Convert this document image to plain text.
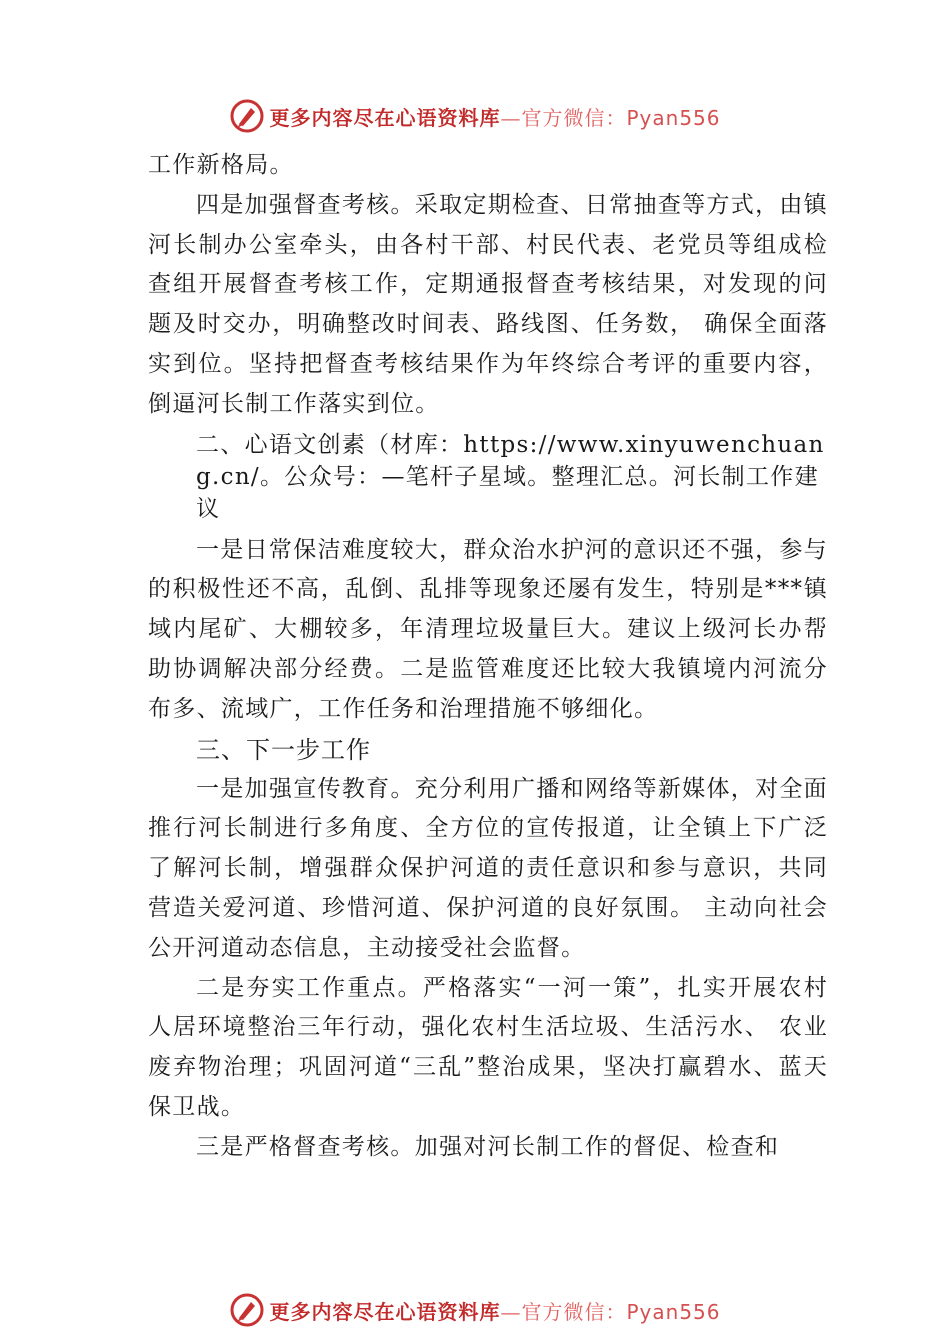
更多内容尽在心语资料库—官方微信：Pyan556

工作新格局。

四是加强督查考核。采取定期检查、日常抽查等方式，由镇河长制办公室牵头，由各村干部、村民代表、老党员等组成检查组开展督查考核工作，定期通报督查考核结果，对发现的问题及时交办，明确整改时间表、路线图、任务数， 确保全面落实到位。坚持把督查考核结果作为年终综合考评的重要内容，倒逼河长制工作落实到位。

二、心语文创素（材库：https://www.xinyuwenchuang.cn/。公众号：—笔杆子星域。整理汇总。河长制工作建议

一是日常保洁难度较大，群众治水护河的意识还不强，参与的积极性还不高，乱倒、乱排等现象还屡有发生，特别是***镇域内尾矿、大棚较多，年清理垃圾量巨大。建议上级河长办帮助协调解决部分经费。二是监管难度还比较大我镇境内河流分布多、流域广，工作任务和治理措施不够细化。

三、下一步工作

一是加强宣传教育。充分利用广播和网络等新媒体，对全面推行河长制进行多角度、全方位的宣传报道，让全镇上下广泛了解河长制，增强群众保护河道的责任意识和参与意识，共同营造关爱河道、珍惜河道、保护河道的良好氛围。 主动向社会公开河道动态信息，主动接受社会监督。

二是夯实工作重点。严格落实“一河一策”，扎实开展农村人居环境整治三年行动，强化农村生活垃圾、生活污水、 农业废弃物治理；巩固河道“三乱”整治成果，坚决打赢碧水、蓝天保卫战。

三是严格督查考核。加强对河长制工作的督促、检查和

更多内容尽在心语资料库—官方微信：Pyan556
